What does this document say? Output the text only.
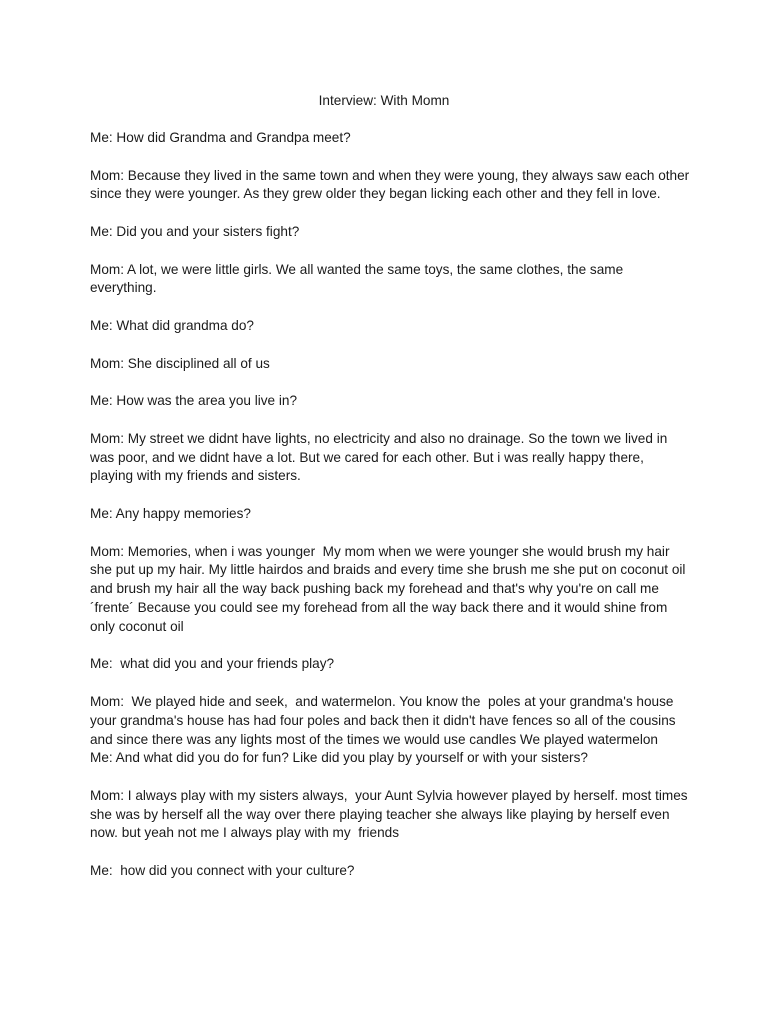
Interview: With Momn

Me: How did Grandma and Grandpa meet?

Mom: Because they lived in the same town and when they were young, they always saw each other since they were younger. As they grew older they began licking each other and they fell in love.

Me: Did you and your sisters fight?

Mom: A lot, we were little girls. We all wanted the same toys, the same clothes, the same everything.

Me: What did grandma do?

Mom: She disciplined all of us

Me: How was the area you live in?

Mom: My street we didnt have lights, no electricity and also no drainage. So the town we lived in was poor, and we didnt have a lot. But we cared for each other. But i was really happy there, playing with my friends and sisters.

Me: Any happy memories?

Mom: Memories, when i was younger  My mom when we were younger she would brush my hair she put up my hair. My little hairdos and braids and every time she brush me she put on coconut oil and brush my hair all the way back pushing back my forehead and that's why you're on call me ´frente´ Because you could see my forehead from all the way back there and it would shine from only coconut oil

Me:  what did you and your friends play?

Mom:  We played hide and seek,  and watermelon. You know the  poles at your grandma's house your grandma's house has had four poles and back then it didn't have fences so all of the cousins and since there was any lights most of the times we would use candles We played watermelon

Me: And what did you do for fun? Like did you play by yourself or with your sisters?

Mom: I always play with my sisters always,  your Aunt Sylvia however played by herself. most times she was by herself all the way over there playing teacher she always like playing by herself even now. but yeah not me I always play with my  friends

Me:  how did you connect with your culture?
